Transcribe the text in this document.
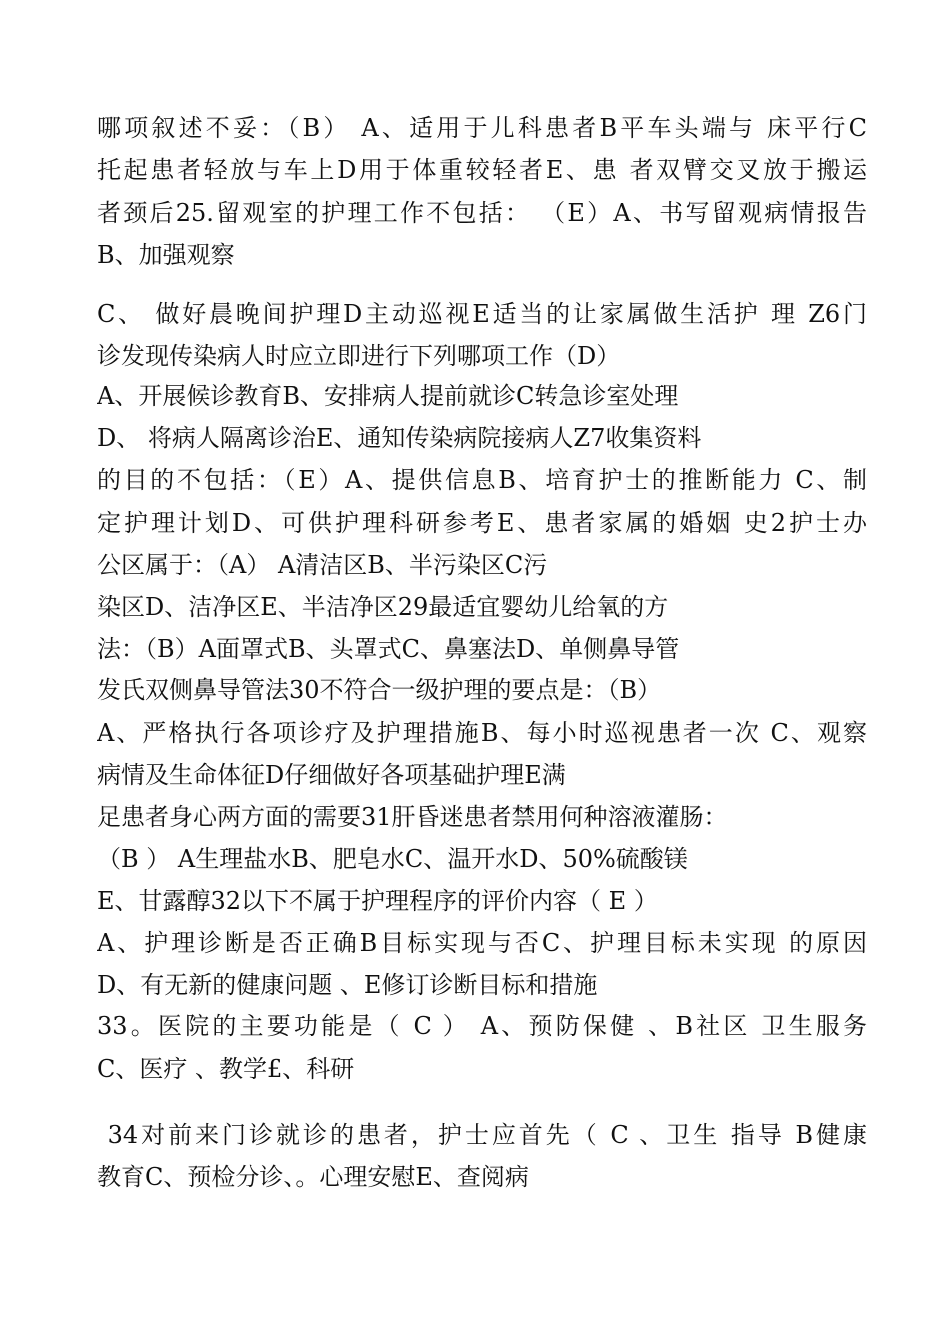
哪项叙述不妥：（B） A、适用于儿科患者B平车头端与 床平行C
托起患者轻放与车上D用于体重较轻者E、患 者双臂交叉放于搬运
者颈后25.留观室的护理工作不包括： （E）A、书写留观病情报告
B、加强观察
C、 做好晨晚间护理D主动巡视E适当的让家属做生活护 理 Z6门
诊发现传染病人时应立即进行下列哪项工作（D）
A、开展候诊教育B、安排病人提前就诊C转急诊室处理
D、 将病人隔离诊治E、通知传染病院接病人Z7收集资料
的目的不包括：（E）A、提供信息B、培育护士的推断能力 C、制
定护理计划D、可供护理科研参考E、患者家属的婚姻 史2护士办
公区属于：（A） A清洁区B、半污染区C污
染区D、洁净区E、半洁净区29最适宜婴幼儿给氧的方
法：（B）A面罩式B、头罩式C、鼻塞法D、单侧鼻导管
发氏双侧鼻导管法30不符合一级护理的要点是：（B）
A、严格执行各项诊疗及护理措施B、每小时巡视患者一次 C、观察
病情及生命体征D仔细做好各项基础护理E满
足患者身心两方面的需要31肝昏迷患者禁用何种溶液灌肠：
（B ） A生理盐水B、肥皂水C、温开水D、50%硫酸镁
E、甘露醇32以下不属于护理程序的评价内容（ E ）
A、护理诊断是否正确B目标实现与否C、护理目标未实现 的原因
D、有无新的健康问题 、E修订诊断目标和措施
33。医院的主要功能是（ C ） A、预防保健 、B社区 卫生服务
C、医疗 、教学£、科研
34对前来门诊就诊的患者，护士应首先（ C 、卫生 指导 B健康
教育C、预检分诊、。心理安慰E、查阅病
